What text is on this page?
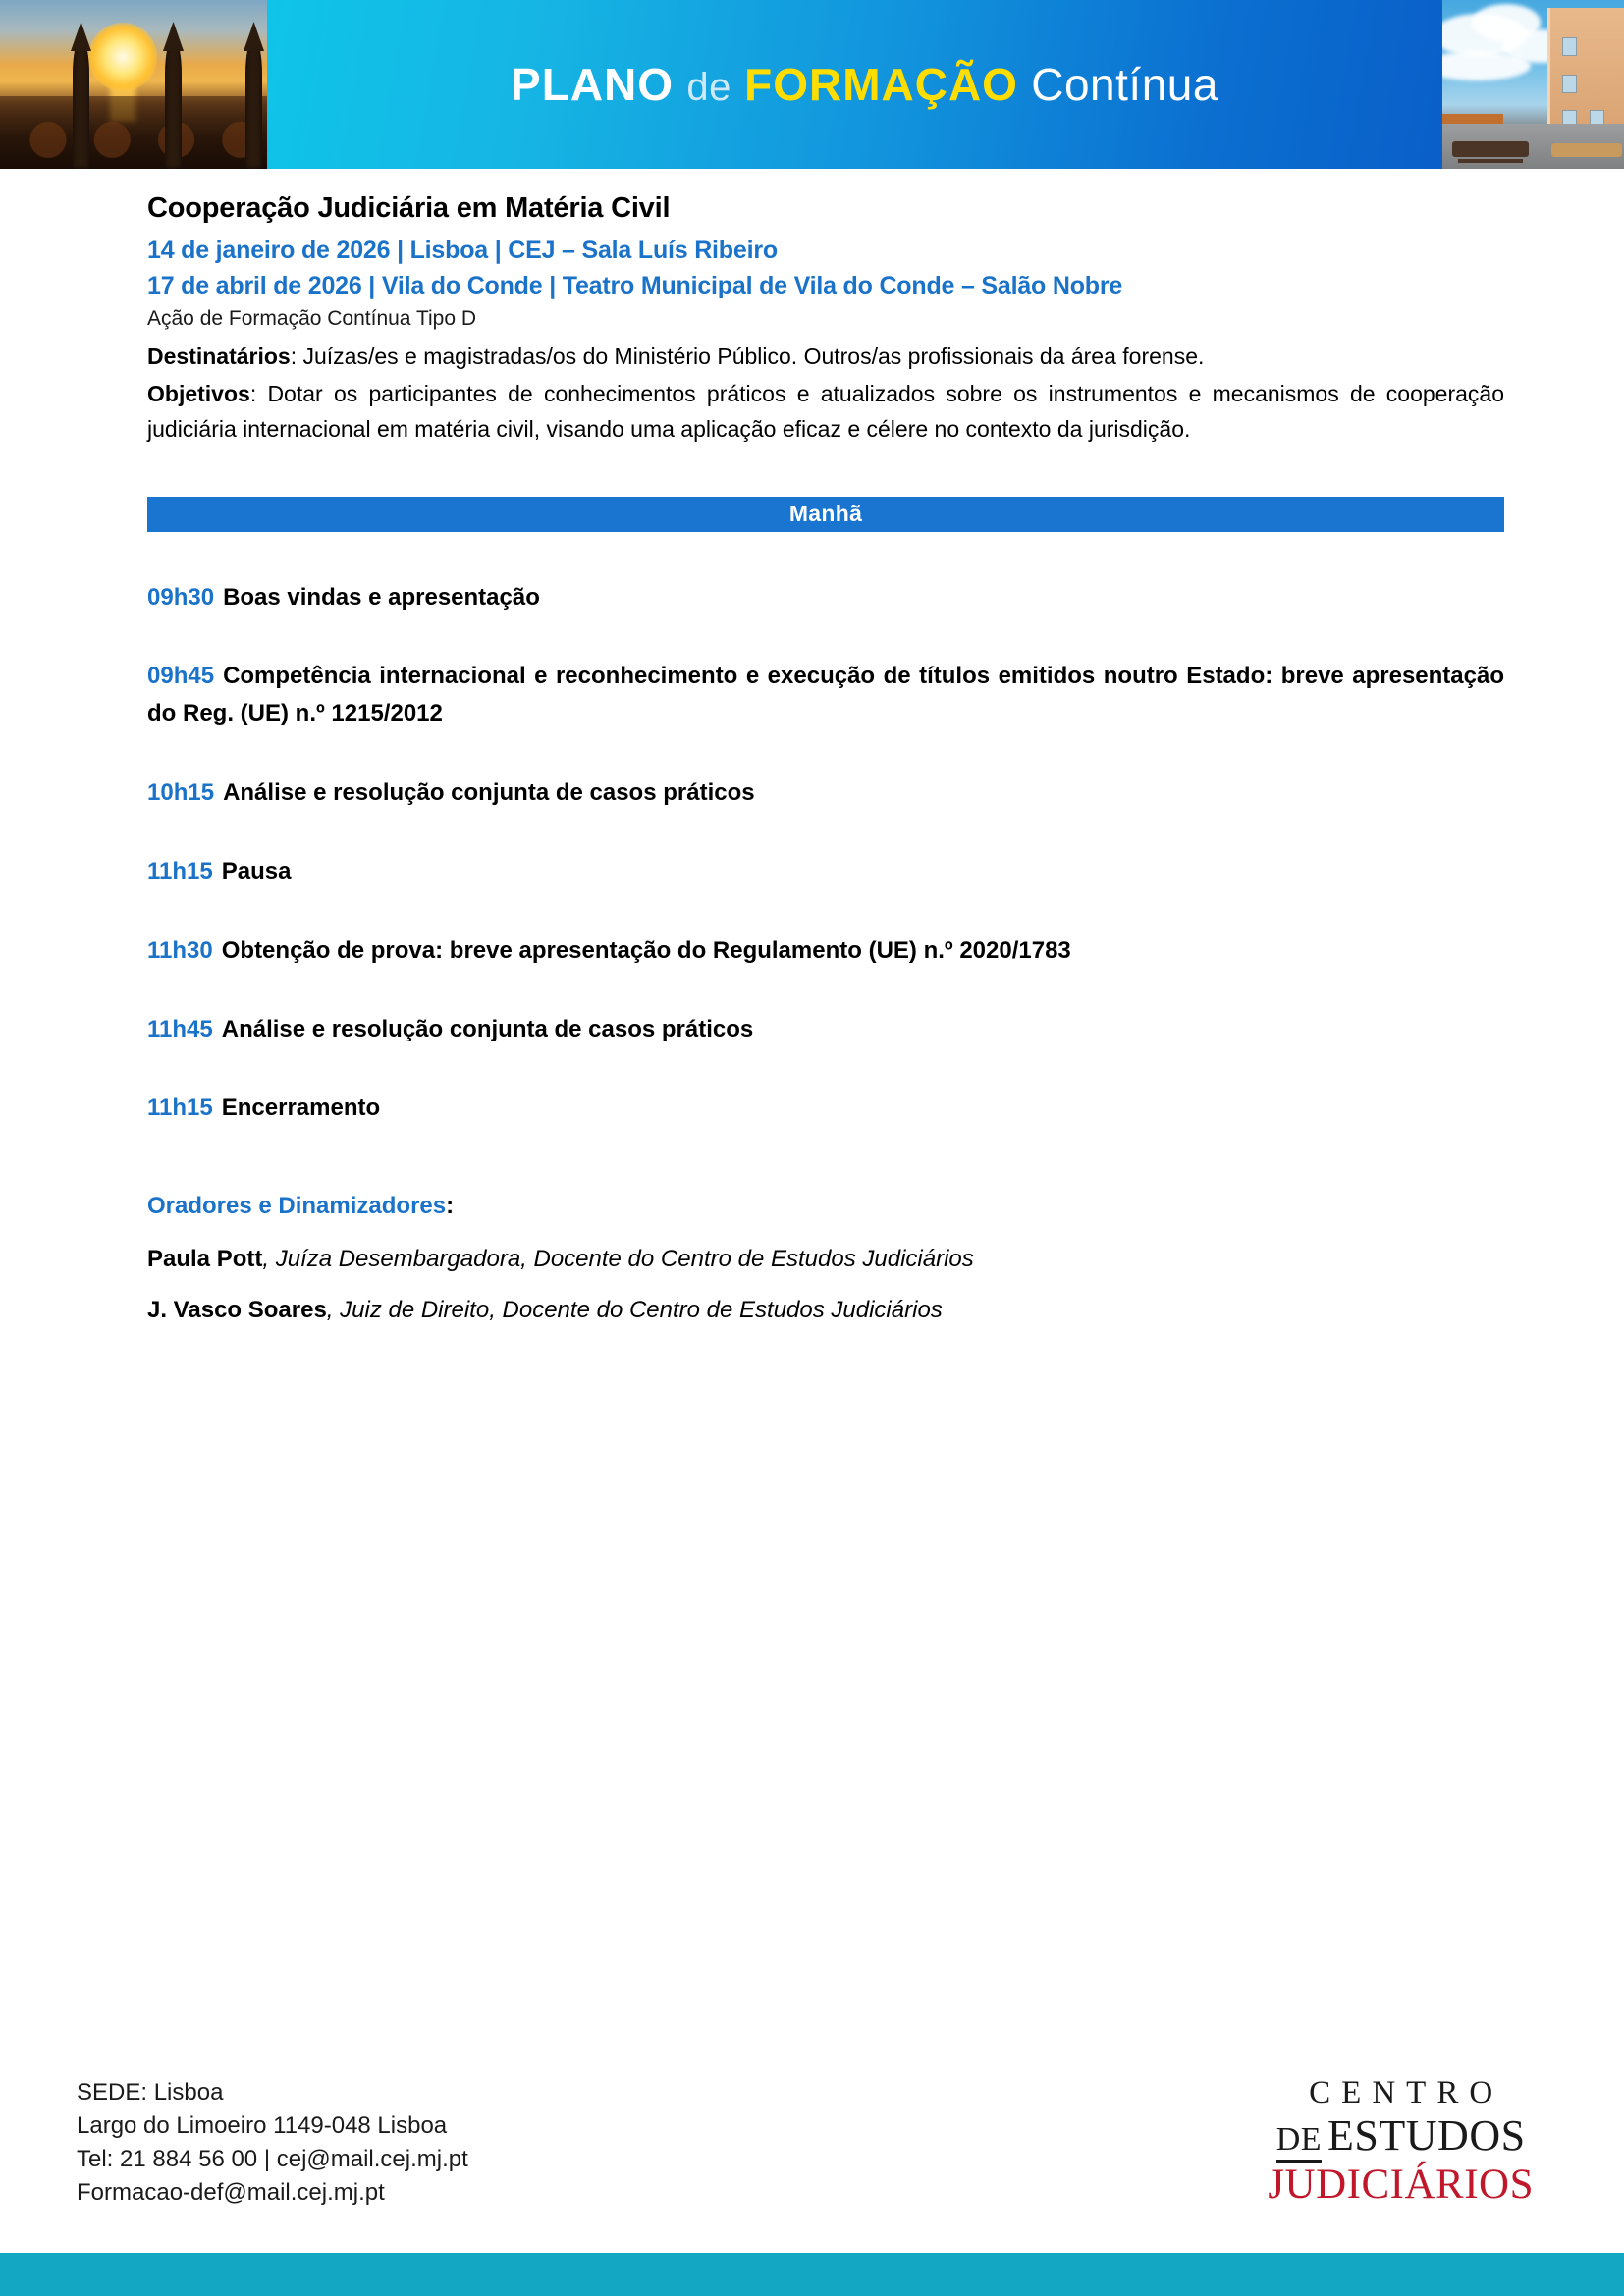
PLANO de FORMAÇÃO Contínua
Cooperação Judiciária em Matéria Civil
14 de janeiro de 2026 | Lisboa | CEJ – Sala Luís Ribeiro
17 de abril de 2026 | Vila do Conde | Teatro Municipal de Vila do Conde – Salão Nobre
Ação de Formação Contínua Tipo D

Destinatários: Juízas/es e magistradas/os do Ministério Público. Outros/as profissionais da área forense.

Objetivos: Dotar os participantes de conhecimentos práticos e atualizados sobre os instrumentos e mecanismos de cooperação judiciária internacional em matéria civil, visando uma aplicação eficaz e célere no contexto da jurisdição.

Manhã
09h30 Boas vindas e apresentação
09h45 Competência internacional e reconhecimento e execução de títulos emitidos noutro Estado: breve apresentação do Reg. (UE) n.º 1215/2012
10h15 Análise e resolução conjunta de casos práticos
11h15 Pausa
11h30 Obtenção de prova: breve apresentação do Regulamento (UE) n.º 2020/1783
11h45 Análise e resolução conjunta de casos práticos
11h15 Encerramento
Oradores e Dinamizadores:
Paula Pott, Juíza Desembargadora, Docente do Centro de Estudos Judiciários
J. Vasco Soares, Juiz de Direito, Docente do Centro de Estudos Judiciários
SEDE: Lisboa
Largo do Limoeiro 1149-048 Lisboa
Tel: 21 884 56 00 | cej@mail.cej.mj.pt
Formacao-def@mail.cej.mj.pt
CENTRO
DE ESTUDOS
JUDICIÁRIOS
